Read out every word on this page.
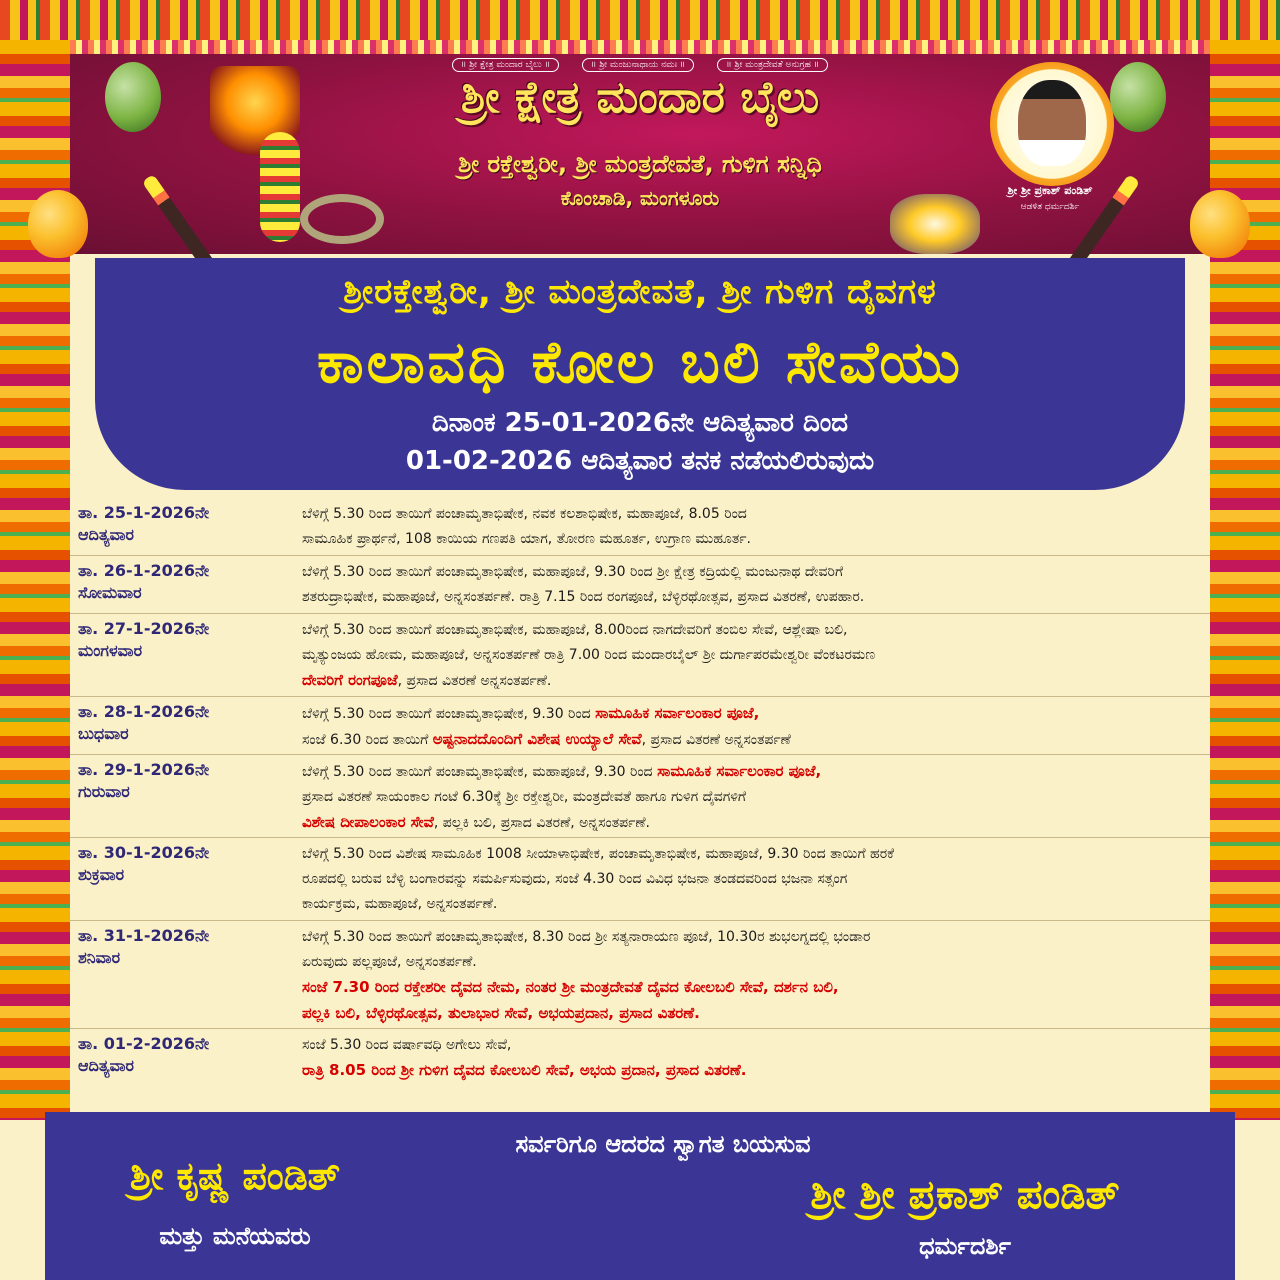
॥ ಶ್ರೀ ಕ್ಷೇತ್ರ ಮಂದಾರ ಬೈಲು ॥	॥ ಶ್ರೀ ಮಂಜುನಾಥಾಯ ನಮಃ ॥	॥ ಶ್ರೀ ಮಂತ್ರದೇವತೆ ಅನುಗ್ರಹ ॥
ಶ್ರೀ ಕ್ಷೇತ್ರ ಮಂದಾರ ಬೈಲು
ಶ್ರೀ ರಕ್ತೇಶ್ವರೀ, ಶ್ರೀ ಮಂತ್ರದೇವತೆ, ಗುಳಿಗ ಸನ್ನಿಧಿ
ಕೊಂಚಾಡಿ, ಮಂಗಳೂರು	ಶ್ರೀ ಶ್ರೀ ಪ್ರಕಾಶ್ ಪಂಡಿತ್
ಆಡಳಿತ ಧರ್ಮದರ್ಶಿ
ಶ್ರೀರಕ್ತೇಶ್ವರೀ, ಶ್ರೀ ಮಂತ್ರದೇವತೆ, ಶ್ರೀ ಗುಳಿಗ ದೈವಗಳ
ಕಾಲಾವಧಿ ಕೋಲ ಬಲಿ ಸೇವೆಯು
ದಿನಾಂಕ 25-01-2026ನೇ ಆದಿತ್ಯವಾರ ದಿಂದ
01-02-2026 ಆದಿತ್ಯವಾರ ತನಕ ನಡೆಯಲಿರುವುದು
ತಾ. 25-1-2026ನೇ
ಆದಿತ್ಯವಾರ
ಬೆಳಿಗ್ಗೆ 5.30 ರಿಂದ ತಾಯಿಗೆ ಪಂಚಾಮೃತಾಭಿಷೇಕ, ನವಕ ಕಲಶಾಭಿಷೇಕ, ಮಹಾಪೂಜೆ, 8.05 ರಿಂದ
ಸಾಮೂಹಿಕ ಪ್ರಾರ್ಥನೆ, 108 ಕಾಯಿಯ ಗಣಪತಿ ಯಾಗ, ತೋರಣ ಮಹೂರ್ತ, ಉಗ್ರಾಣ ಮುಹೂರ್ತ.
ತಾ. 26-1-2026ನೇ
ಸೋಮವಾರ
ಬೆಳಿಗ್ಗೆ 5.30 ರಿಂದ ತಾಯಿಗೆ ಪಂಚಾಮೃತಾಭಿಷೇಕ, ಮಹಾಪೂಜೆ, 9.30 ರಿಂದ ಶ್ರೀ ಕ್ಷೇತ್ರ ಕದ್ರಿಯಲ್ಲಿ ಮಂಜುನಾಥ ದೇವರಿಗೆ
ಶತರುದ್ರಾಭಿಷೇಕ, ಮಹಾಪೂಜೆ, ಅನ್ನಸಂತರ್ಪಣೆ. ರಾತ್ರಿ 7.15 ರಿಂದ ರಂಗಪೂಜೆ, ಬೆಳ್ಳಿರಥೋತ್ಸವ, ಪ್ರಸಾದ ವಿತರಣೆ, ಉಪಹಾರ.
ತಾ. 27-1-2026ನೇ
ಮಂಗಳವಾರ
ಬೆಳಿಗ್ಗೆ 5.30 ರಿಂದ ತಾಯಿಗೆ ಪಂಚಾಮೃತಾಭಿಷೇಕ, ಮಹಾಪೂಜೆ, 8.00ರಿಂದ ನಾಗದೇವರಿಗೆ ತಂಬಿಲ ಸೇವೆ, ಆಶ್ಲೇಷಾ ಬಲಿ,
ಮೃತ್ಯುಂಜಯ ಹೋಮ, ಮಹಾಪೂಜೆ, ಅನ್ನಸಂತರ್ಪಣೆ ರಾತ್ರಿ 7.00 ರಿಂದ ಮಂದಾರಬೈಲ್ ಶ್ರೀ ದುರ್ಗಾಪರಮೇಶ್ವರೀ ವೆಂಕಟರಮಣ
ದೇವರಿಗೆ ರಂಗಪೂಜೆ, ಪ್ರಸಾದ ವಿತರಣೆ ಅನ್ನಸಂತರ್ಪಣೆ.
ತಾ. 28-1-2026ನೇ
ಬುಧವಾರ
ಬೆಳಿಗ್ಗೆ 5.30 ರಿಂದ ತಾಯಿಗೆ ಪಂಚಾಮೃತಾಭಿಷೇಕ, 9.30 ರಿಂದ ಸಾಮೂಹಿಕ ಸರ್ವಾಲಂಕಾರ ಪೂಜೆ,
ಸಂಜೆ 6.30 ರಿಂದ ತಾಯಿಗೆ ಅಷ್ಟನಾದದೊಂದಿಗೆ ವಿಶೇಷ ಉಯ್ಯಾಲೆ ಸೇವೆ, ಪ್ರಸಾದ ವಿತರಣೆ ಅನ್ನಸಂತರ್ಪಣೆ
ತಾ. 29-1-2026ನೇ
ಗುರುವಾರ
ಬೆಳಿಗ್ಗೆ 5.30 ರಿಂದ ತಾಯಿಗೆ ಪಂಚಾಮೃತಾಭಿಷೇಕ, ಮಹಾಪೂಜೆ, 9.30 ರಿಂದ ಸಾಮೂಹಿಕ ಸರ್ವಾಲಂಕಾರ ಪೂಜೆ,
ಪ್ರಸಾದ ವಿತರಣೆ ಸಾಯಂಕಾಲ ಗಂಟೆ 6.30ಕ್ಕೆ ಶ್ರೀ ರಕ್ತೇಶ್ವರೀ, ಮಂತ್ರದೇವತೆ ಹಾಗೂ ಗುಳಿಗ ದೈವಗಳಿಗೆ
ವಿಶೇಷ ದೀಪಾಲಂಕಾರ ಸೇವೆ, ಪಲ್ಲಕಿ ಬಲಿ, ಪ್ರಸಾದ ವಿತರಣೆ, ಅನ್ನಸಂತರ್ಪಣೆ.
ತಾ. 30-1-2026ನೇ
ಶುಕ್ರವಾರ
ಬೆಳಿಗ್ಗೆ 5.30 ರಿಂದ ವಿಶೇಷ ಸಾಮೂಹಿಕ 1008 ಸೀಯಾಳಾಭಿಷೇಕ, ಪಂಚಾಮೃತಾಭಿಷೇಕ, ಮಹಾಪೂಜೆ, 9.30 ರಿಂದ ತಾಯಿಗೆ ಹರಕೆ
ರೂಪದಲ್ಲಿ ಬರುವ ಬೆಳ್ಳಿ ಬಂಗಾರವನ್ನು ಸಮರ್ಪಿಸುವುದು, ಸಂಜೆ 4.30 ರಿಂದ ವಿವಿಧ ಭಜನಾ ತಂಡದವರಿಂದ ಭಜನಾ ಸತ್ಸಂಗ
ಕಾರ್ಯಕ್ರಮ, ಮಹಾಪೂಜೆ, ಅನ್ನಸಂತರ್ಪಣೆ.
ತಾ. 31-1-2026ನೇ
ಶನಿವಾರ
ಬೆಳಿಗ್ಗೆ 5.30 ರಿಂದ ತಾಯಿಗೆ ಪಂಚಾಮೃತಾಭಿಷೇಕ, 8.30 ರಿಂದ ಶ್ರೀ ಸತ್ಯನಾರಾಯಣ ಪೂಜೆ, 10.30ರ ಶುಭಲಗ್ನದಲ್ಲಿ ಭಂಡಾರ
ಏರುವುದು ಪಲ್ಲಪೂಜೆ, ಅನ್ನಸಂತರ್ಪಣೆ.
ಸಂಜೆ 7.30 ರಿಂದ ರಕ್ತೇಶರೀ ದೈವದ ನೇಮ, ನಂತರ ಶ್ರೀ ಮಂತ್ರದೇವತೆ ದೈವದ ಕೋಲಬಲಿ ಸೇವೆ, ದರ್ಶನ ಬಲಿ,
ಪಲ್ಲಕಿ ಬಲಿ, ಬೆಳ್ಳಿರಥೋತ್ಸವ, ತುಲಾಭಾರ ಸೇವೆ, ಅಭಯಪ್ರದಾನ, ಪ್ರಸಾದ ವಿತರಣೆ.
ತಾ. 01-2-2026ನೇ
ಆದಿತ್ಯವಾರ
ಸಂಜೆ 5.30 ರಿಂದ ವರ್ಷಾವಧಿ ಅಗೇಲು ಸೇವೆ,
ರಾತ್ರಿ 8.05 ರಿಂದ ಶ್ರೀ ಗುಳಿಗ ದೈವದ ಕೋಲಬಲಿ ಸೇವೆ, ಅಭಯ ಪ್ರದಾನ, ಪ್ರಸಾದ ವಿತರಣೆ.
ಸರ್ವರಿಗೂ ಆದರದ ಸ್ವಾಗತ ಬಯಸುವ
ಶ್ರೀ ಕೃಷ್ಣ ಪಂಡಿತ್
ಮತ್ತು ಮನೆಯವರು
ಶ್ರೀ ಶ್ರೀ ಪ್ರಕಾಶ್ ಪಂಡಿತ್
ಧರ್ಮದರ್ಶಿ
